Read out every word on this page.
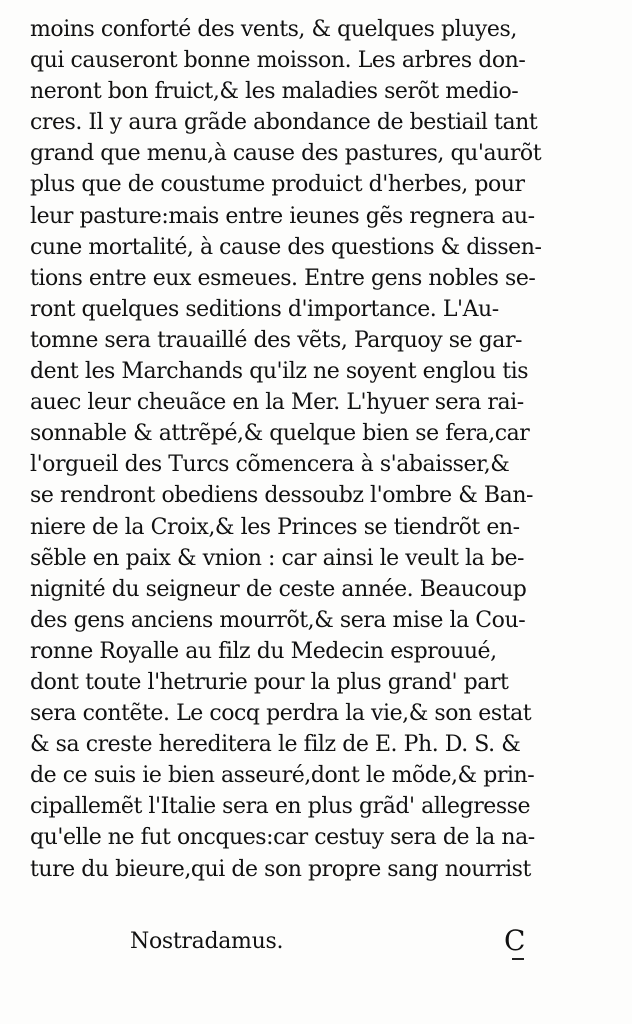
moins conforté des vents, & quelques pluyes,
qui causeront bonne moisson. Les arbres don-
neront bon fruict,& les maladies serõt medio-
cres. Il y aura grãde abondance de bestiail tant
grand que menu,à cause des pastures, qu'aurõt
plus que de coustume produict d'herbes, pour
leur pasture:mais entre ieunes gẽs regnera au-
cune mortalité, à cause des questions & dissen-
tions entre eux esmeues. Entre gens nobles se-
ront quelques seditions d'importance. L'Au-
tomne sera trauaillé des vẽts, Parquoy se gar-
dent les Marchands qu'ilz ne soyent englou tis
auec leur cheuãce en la Mer. L'hyuer sera rai-
sonnable & attrẽpé,& quelque bien se fera,car
l'orgueil des Turcs cõmencera à s'abaisser,&
se rendront obediens dessoubz l'ombre & Ban-
niere de la Croix,& les Princes se tiendrõt en-
sẽble en paix & vnion : car ainsi le veult la be-
nignité du seigneur de ceste année. Beaucoup
des gens anciens mourrõt,& sera mise la Cou-
ronne Royalle au filz du Medecin esprouué,
dont toute l'hetrurie pour la plus grand' part
sera contẽte. Le cocq perdra la vie,& son estat
& sa creste hereditera le filz de E. Ph. D. S. &
de ce suis ie bien asseuré,dont le mõde,& prin-
cipallemẽt l'Italie sera en plus grãd' allegresse
qu'elle ne fut oncques:car cestuy sera de la na-
ture du bieure,qui de son propre sang nourrist
Nostradamus.	C
